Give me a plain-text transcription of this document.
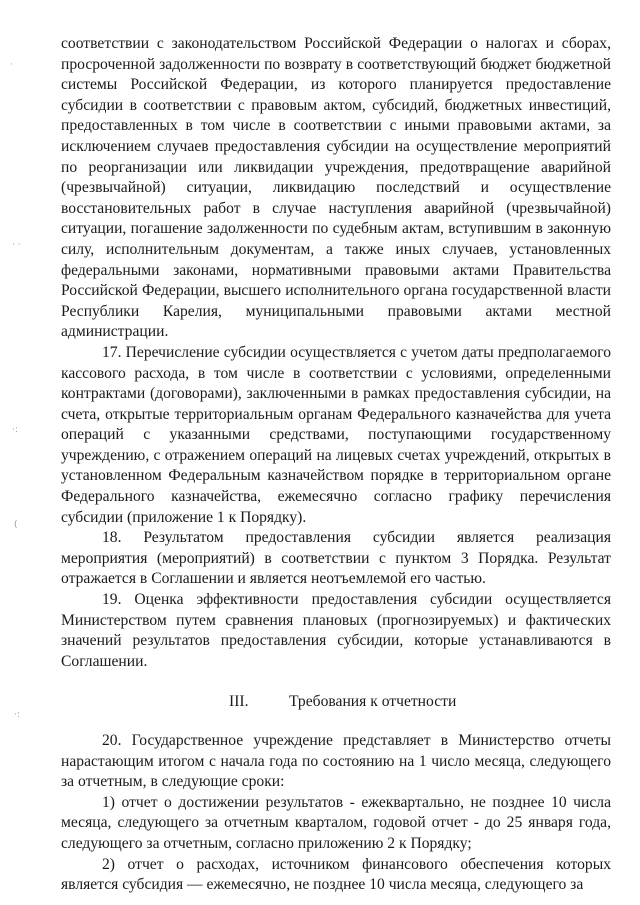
·
· ·
·:
(
·:

соответствии с законодательством Российской Федерации о налогах и сборах, просроченной задолженности по возврату в соответствующий бюджет бюджетной системы Российской Федерации, из которого планируется предоставление субсидии в соответствии с правовым актом, субсидий, бюджетных инвестиций, предоставленных в том числе в соответствии с иными правовыми актами, за исключением случаев предоставления субсидии на осуществление мероприятий по реорганизации или ликвидации учреждения, предотвращение аварийной (чрезвычайной) ситуации, ликвидацию последствий и осуществление восстановительных работ в случае наступления аварийной (чрезвычайной) ситуации, погашение задолженности по судебным актам, вступившим в законную силу, исполнительным документам, а также иных случаев, установленных федеральными законами, нормативными правовыми актами Правительства Российской Федерации, высшего исполнительного органа государственной власти Республики Карелия, муниципальными правовыми актами местной администрации.

17. Перечисление субсидии осуществляется с учетом даты предполагаемого кассового расхода, в том числе в соответствии с условиями, определенными контрактами (договорами), заключенными в рамках предоставления субсидии, на счета, открытые территориальным органам Федерального казначейства для учета операций с указанными средствами, поступающими государственному учреждению, с отражением операций на лицевых счетах учреждений, открытых в установленном Федеральным казначейством порядке в территориальном органе Федерального казначейства, ежемесячно согласно графику перечисления субсидии (приложение 1 к Порядку).

18. Результатом предоставления субсидии является реализация мероприятия (мероприятий) в соответствии с пунктом 3 Порядка. Результат отражается в Соглашении и является неотъемлемой его частью.

19. Оценка эффективности предоставления субсидии осуществляется Министерством путем сравнения плановых (прогнозируемых) и фактических значений результатов предоставления субсидии, которые устанавливаются в Соглашении.

III.	Требования к отчетности

20. Государственное учреждение представляет в Министерство отчеты нарастающим итогом с начала года по состоянию на 1 число месяца, следующего за отчетным, в следующие сроки:

1) отчет о достижении результатов - ежеквартально, не позднее 10 числа месяца, следующего за отчетным кварталом, годовой отчет - до 25 января года, следующего за отчетным, согласно приложению 2 к Порядку;

2) отчет о расходах, источником финансового обеспечения которых является субсидия — ежемесячно, не позднее 10 числа месяца, следующего за
